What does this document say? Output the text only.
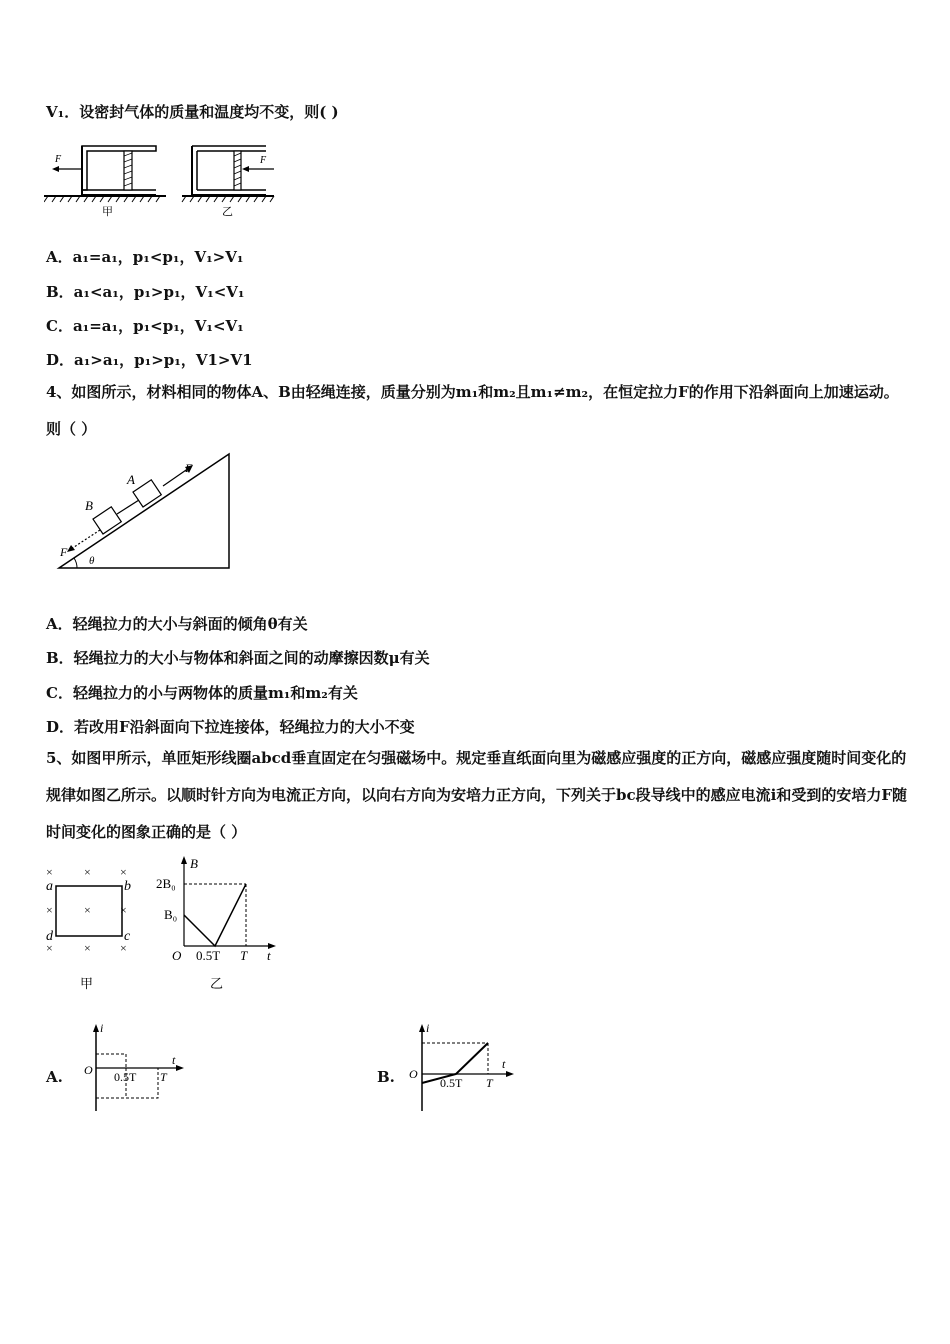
V₁．设密封气体的质量和温度均不变，则( )
F
甲
F
乙
A．a₁=a₁，p₁<p₁，V₁>V₁
B．a₁<a₁，p₁>p₁，V₁<V₁
C．a₁=a₁，p₁<p₁，V₁<V₁
D．a₁>a₁，p₁>p₁，V1>V1
4、如图所示，材料相同的物体A、B由轻绳连接，质量分别为m₁和m₂且m₁≠m₂，在恒定拉力F的作用下沿斜面向上加速运动。则（ ）
A
B
F
F
θ
A．轻绳拉力的大小与斜面的倾角θ有关
B．轻绳拉力的大小与物体和斜面之间的动摩擦因数μ有关
C．轻绳拉力的小与两物体的质量m₁和m₂有关
D．若改用F沿斜面向下拉连接体，轻绳拉力的大小不变
5、如图甲所示，单匝矩形线圈abcd垂直固定在匀强磁场中。规定垂直纸面向里为磁感应强度的正方向，磁感应强度随时间变化的规律如图乙所示。以顺时针方向为电流正方向，以向右方向为安培力正方向，下列关于bc段导线中的感应电流i和受到的安培力F随时间变化的图象正确的是（ ）
×	× ×
×	× ×
×	× ×
a	b
c
d
甲
B
t
2B₀
B₀
O 0.5T T
乙
A.
i
t
O 0.5T T	B.
i
t
O
0.5T T
